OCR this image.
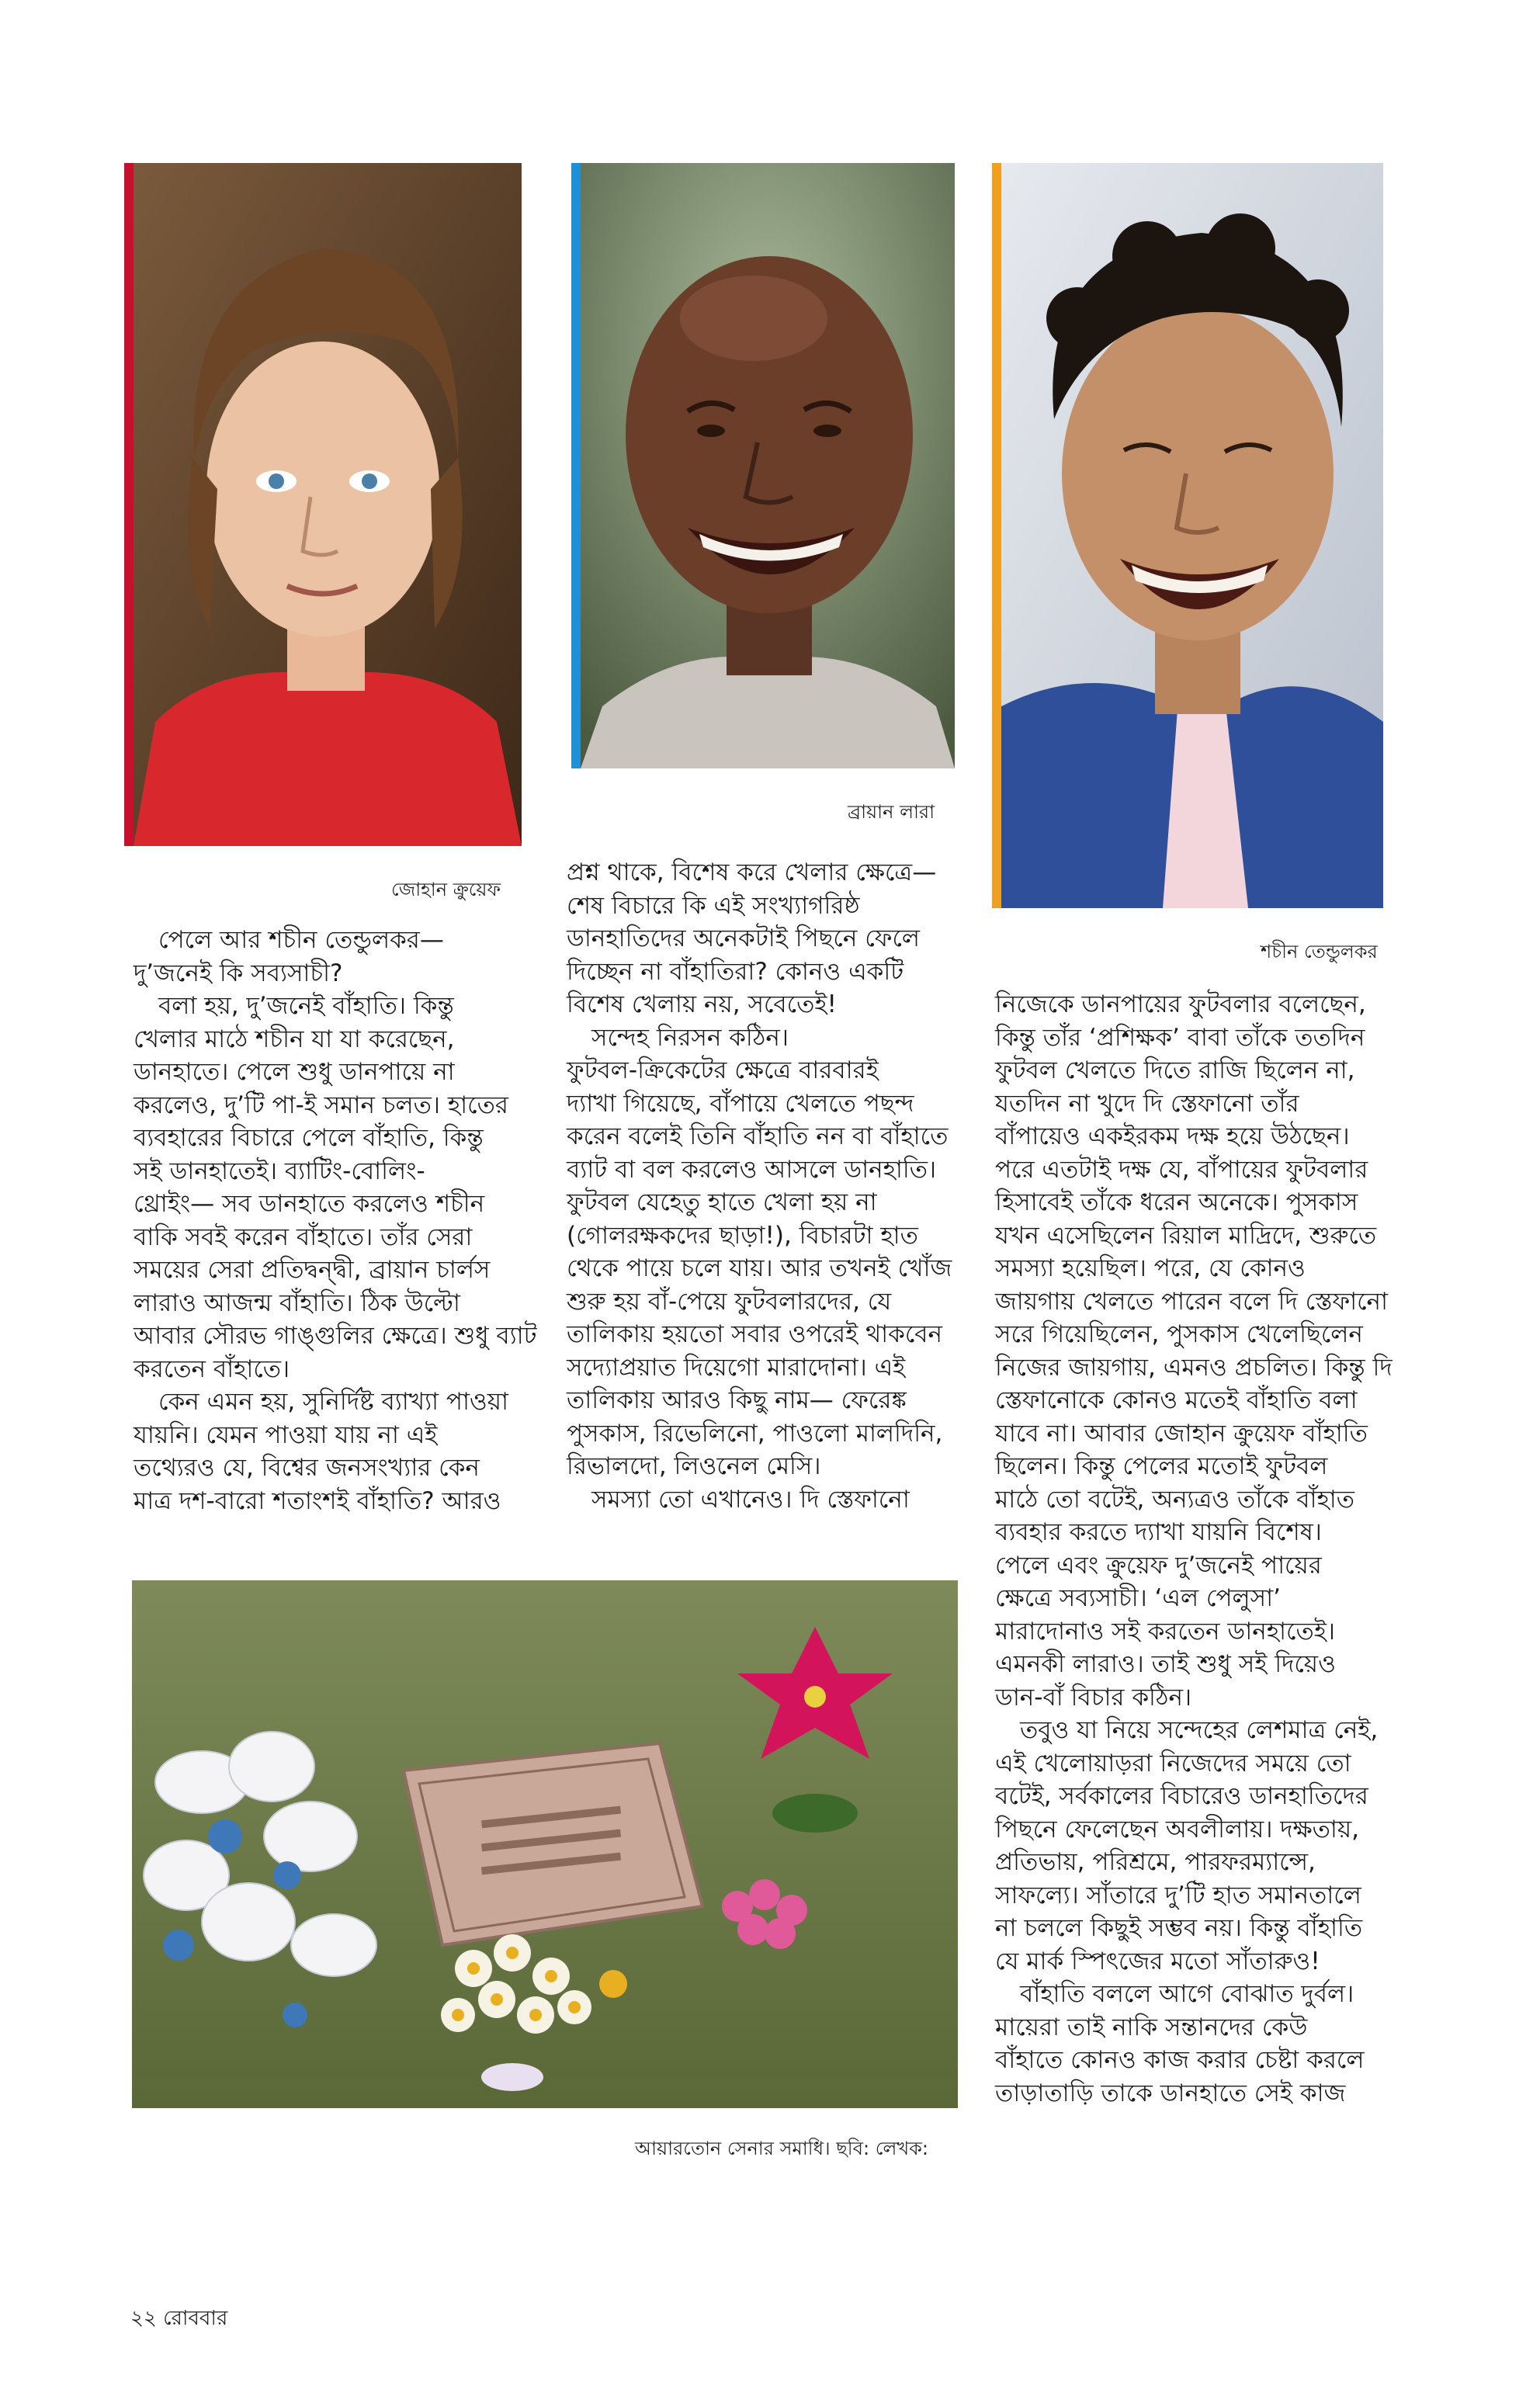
জোহান ক্রুয়েফ
ব্রায়ান লারা
শচীন তেন্ডুলকর
পেলে আর শচীন তেন্ডুলকর—
দু’জনেই কি সব্যসাচী?
বলা হয়, দু’জনেই বাঁহাতি। কিন্তু
খেলার মাঠে শচীন যা যা করেছেন,
ডানহাতে। পেলে শুধু ডানপায়ে না
করলেও, দু’টি পা-ই সমান চলত। হাতের
ব্যবহারের বিচারে পেলে বাঁহাতি, কিন্তু
সই ডানহাতেই। ব্যাটিং-বোলিং-
থ্রোইং— সব ডানহাতে করলেও শচীন
বাকি সবই করেন বাঁহাতে। তাঁর সেরা
সময়ের সেরা প্রতিদ্বন্দ্বী, ব্রায়ান চার্লস
লারাও আজন্ম বাঁহাতি। ঠিক উল্টো
আবার সৌরভ গাঙ্গুলির ক্ষেত্রে। শুধু ব্যাট
করতেন বাঁহাতে।
কেন এমন হয়, সুনির্দিষ্ট ব্যাখ্যা পাওয়া
যায়নি। যেমন পাওয়া যায় না এই
তথ্যেরও যে, বিশ্বের জনসংখ্যার কেন
মাত্র দশ-বারো শতাংশই বাঁহাতি? আরও
প্রশ্ন থাকে, বিশেষ করে খেলার ক্ষেত্রে—
শেষ বিচারে কি এই সংখ্যাগরিষ্ঠ
ডানহাতিদের অনেকটাই পিছনে ফেলে
দিচ্ছেন না বাঁহাতিরা? কোনও একটি
বিশেষ খেলায় নয়, সবেতেই!
সন্দেহ নিরসন কঠিন।
ফুটবল-ক্রিকেটের ক্ষেত্রে বারবারই
দ্যাখা গিয়েছে, বাঁপায়ে খেলতে পছন্দ
করেন বলেই তিনি বাঁহাতি নন বা বাঁহাতে
ব্যাট বা বল করলেও আসলে ডানহাতি।
ফুটবল যেহেতু হাতে খেলা হয় না
(গোলরক্ষকদের ছাড়া!), বিচারটা হাত
থেকে পায়ে চলে যায়। আর তখনই খোঁজ
শুরু হয় বাঁ-পেয়ে ফুটবলারদের, যে
তালিকায় হয়তো সবার ওপরেই থাকবেন
সদ্যোপ্রয়াত দিয়েগো মারাদোনা। এই
তালিকায় আরও কিছু নাম— ফেরেঙ্ক
পুসকাস, রিভেলিনো, পাওলো মালদিনি,
রিভালদো, লিওনেল মেসি।
সমস্যা তো এখানেও। দি স্তেফানো
নিজেকে ডানপায়ের ফুটবলার বলেছেন,
কিন্তু তাঁর ‘প্রশিক্ষক’ বাবা তাঁকে ততদিন
ফুটবল খেলতে দিতে রাজি ছিলেন না,
যতদিন না খুদে দি স্তেফানো তাঁর
বাঁপায়েও একইরকম দক্ষ হয়ে উঠছেন।
পরে এতটাই দক্ষ যে, বাঁপায়ের ফুটবলার
হিসাবেই তাঁকে ধরেন অনেকে। পুসকাস
যখন এসেছিলেন রিয়াল মাদ্রিদে, শুরুতে
সমস্যা হয়েছিল। পরে, যে কোনও
জায়গায় খেলতে পারেন বলে দি স্তেফানো
সরে গিয়েছিলেন, পুসকাস খেলেছিলেন
নিজের জায়গায়, এমনও প্রচলিত। কিন্তু দি
স্তেফানোকে কোনও মতেই বাঁহাতি বলা
যাবে না। আবার জোহান ক্রুয়েফ বাঁহাতি
ছিলেন। কিন্তু পেলের মতোই ফুটবল
মাঠে তো বটেই, অন্যত্রও তাঁকে বাঁহাত
ব্যবহার করতে দ্যাখা যায়নি বিশেষ।
পেলে এবং ক্রুয়েফ দু’জনেই পায়ের
ক্ষেত্রে সব্যসাচী। ‘এল পেলুসা’
মারাদোনাও সই করতেন ডানহাতেই।
এমনকী লারাও। তাই শুধু সই দিয়েও
ডান-বাঁ বিচার কঠিন।
তবুও যা নিয়ে সন্দেহের লেশমাত্র নেই,
এই খেলোয়াড়রা নিজেদের সময়ে তো
বটেই, সর্বকালের বিচারেও ডানহাতিদের
পিছনে ফেলেছেন অবলীলায়। দক্ষতায়,
প্রতিভায়, পরিশ্রমে, পারফরম্যান্সে,
সাফল্যে। সাঁতারে দু’টি হাত সমানতালে
না চললে কিছুই সম্ভব নয়। কিন্তু বাঁহাতি
যে মার্ক স্পিৎজের মতো সাঁতারুও!
বাঁহাতি বললে আগে বোঝাত দুর্বল।
মায়েরা তাই নাকি সন্তানদের কেউ
বাঁহাতে কোনও কাজ করার চেষ্টা করলে
তাড়াতাড়ি তাকে ডানহাতে সেই কাজ
আয়ারতোন সেনার সমাধি। ছবি: লেখক:
২২ রোববার
